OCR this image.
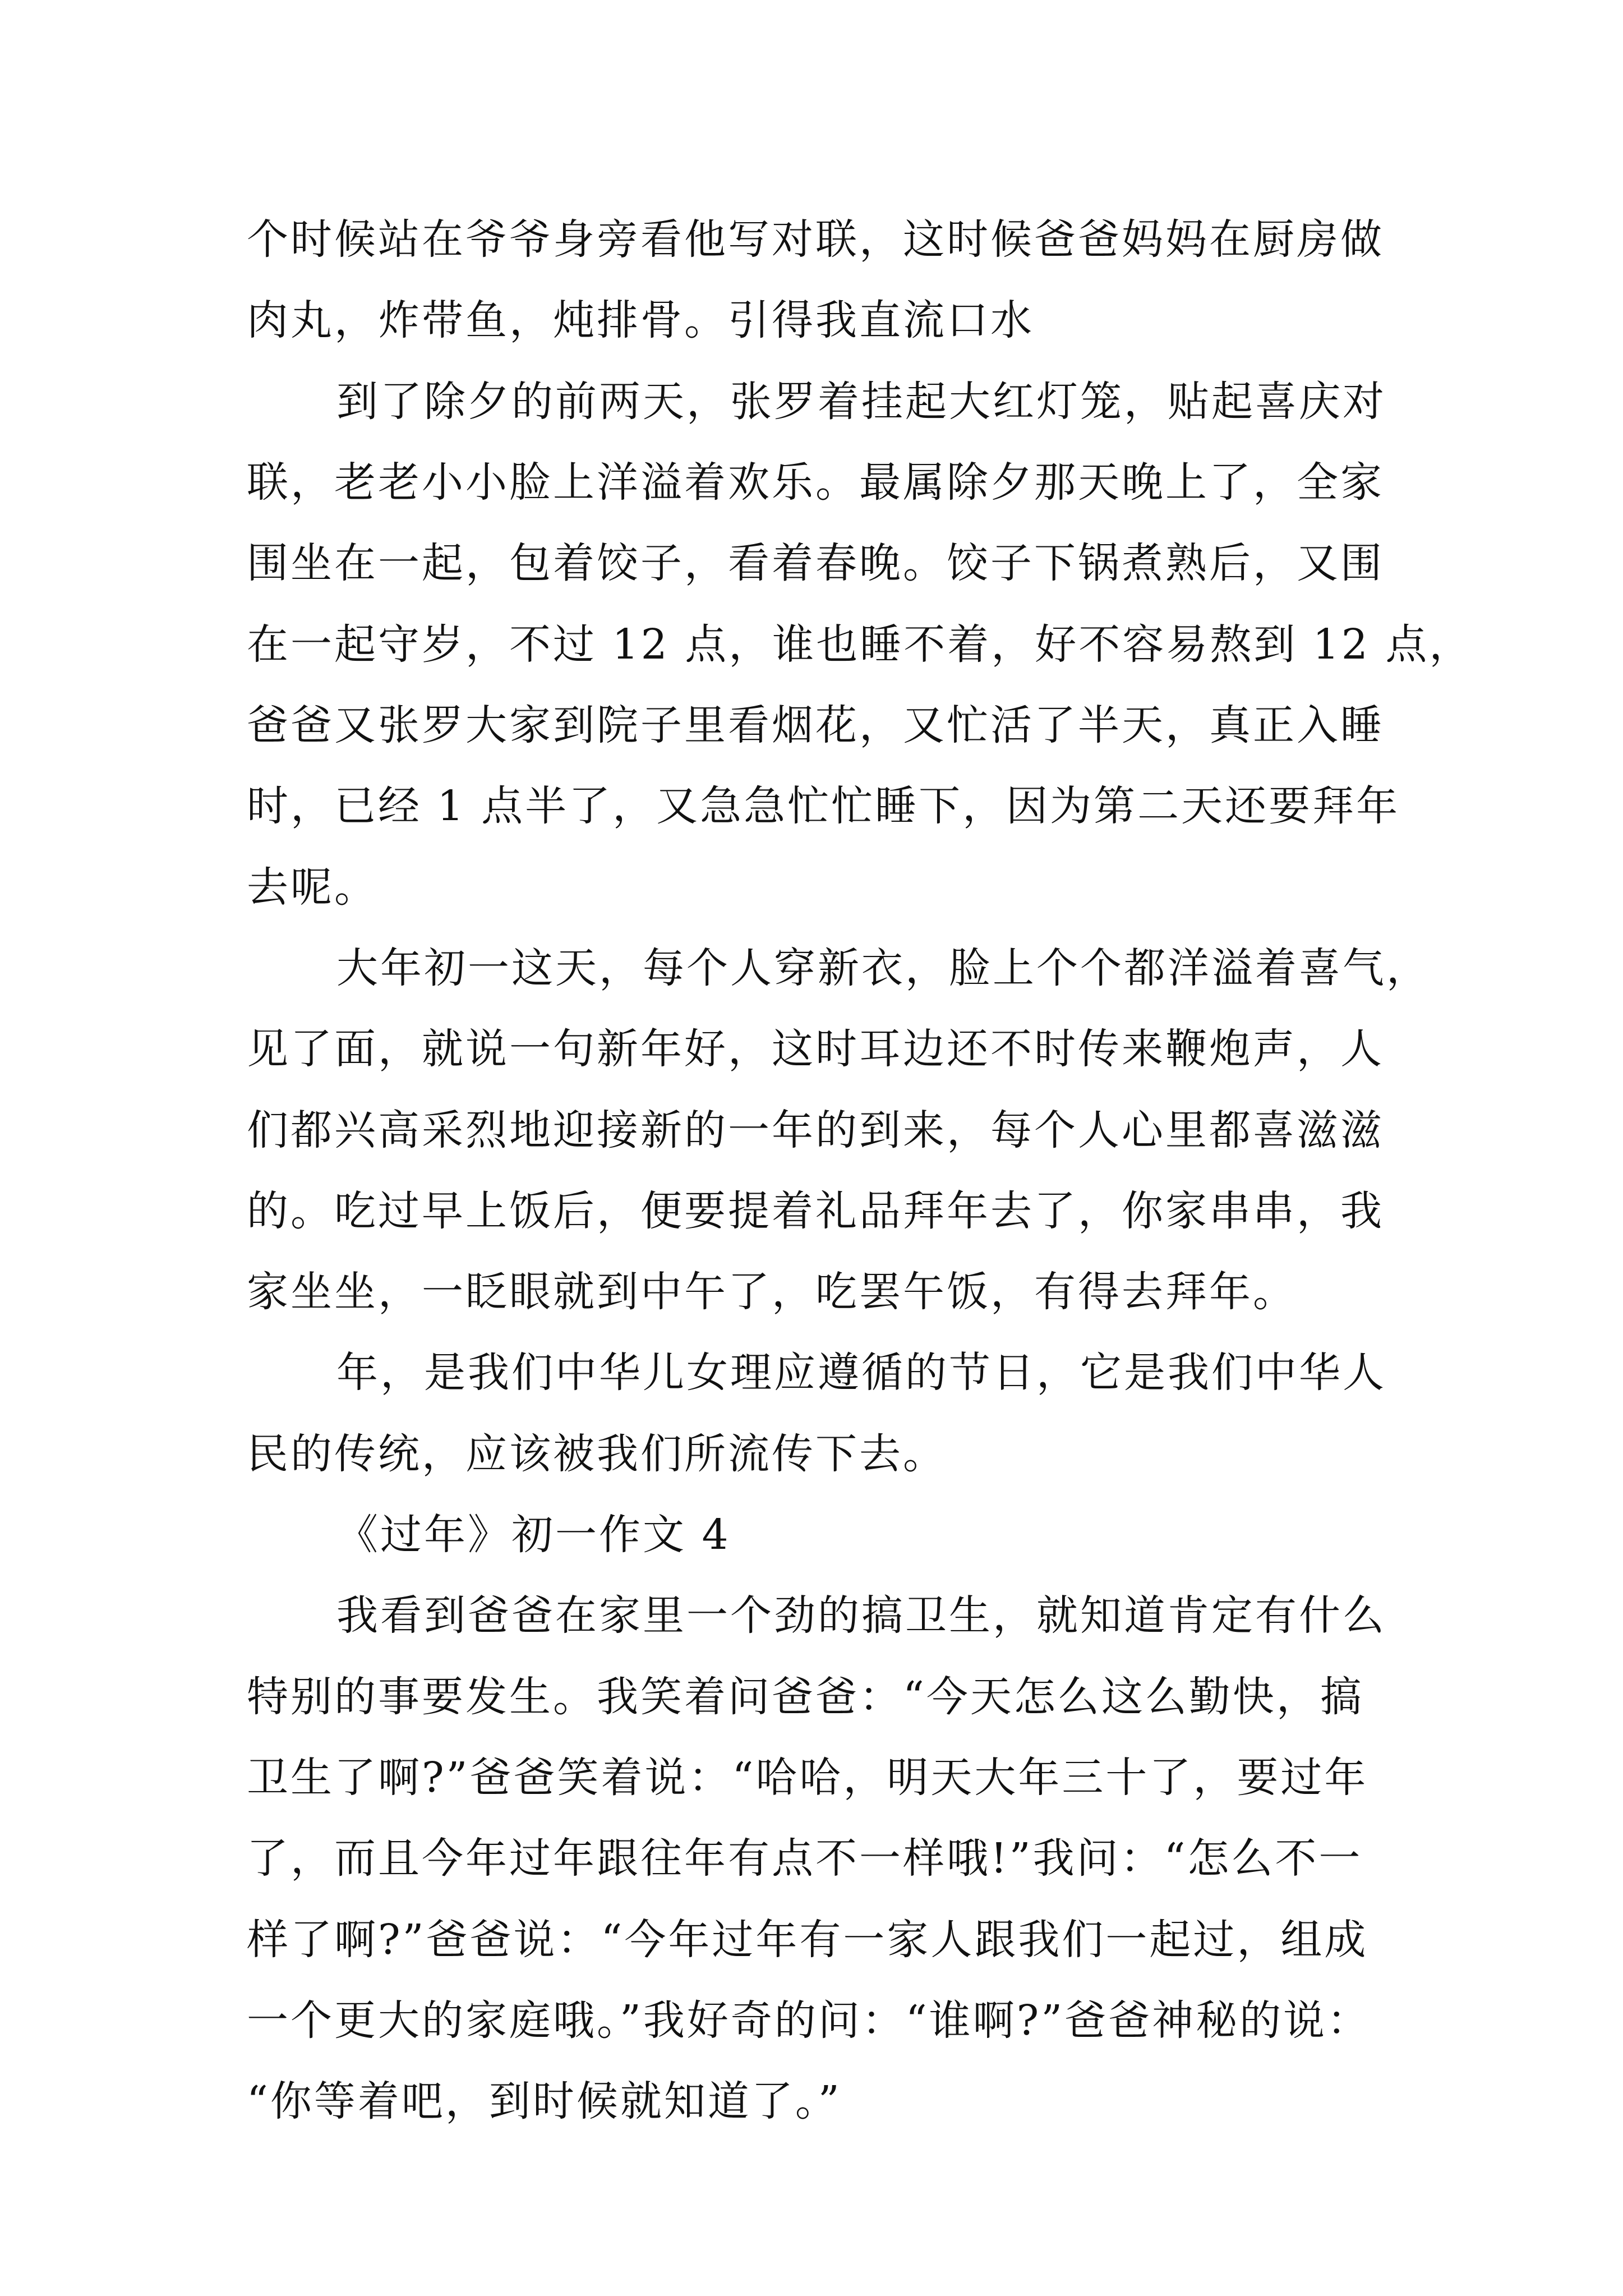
个时候站在爷爷身旁看他写对联，这时候爸爸妈妈在厨房做
肉丸，炸带鱼，炖排骨。引得我直流口水
到了除夕的前两天，张罗着挂起大红灯笼，贴起喜庆对
联，老老小小脸上洋溢着欢乐。最属除夕那天晚上了，全家
围坐在一起，包着饺子，看着春晚。饺子下锅煮熟后，又围
在一起守岁，不过 12 点，谁也睡不着，好不容易熬到 12 点，
爸爸又张罗大家到院子里看烟花，又忙活了半天，真正入睡
时，已经 1 点半了，又急急忙忙睡下，因为第二天还要拜年
去呢。
大年初一这天，每个人穿新衣，脸上个个都洋溢着喜气，
见了面，就说一句新年好，这时耳边还不时传来鞭炮声，人
们都兴高采烈地迎接新的一年的到来，每个人心里都喜滋滋
的。吃过早上饭后，便要提着礼品拜年去了，你家串串，我
家坐坐，一眨眼就到中午了，吃罢午饭，有得去拜年。
年，是我们中华儿女理应遵循的节日，它是我们中华人
民的传统，应该被我们所流传下去。
《过年》初一作文 4
我看到爸爸在家里一个劲的搞卫生，就知道肯定有什么
特别的事要发生。我笑着问爸爸：“今天怎么这么勤快，搞
卫生了啊?”爸爸笑着说：“哈哈，明天大年三十了，要过年
了，而且今年过年跟往年有点不一样哦!”我问：“怎么不一
样了啊?”爸爸说：“今年过年有一家人跟我们一起过，组成
一个更大的家庭哦。”我好奇的问：“谁啊?”爸爸神秘的说：
“你等着吧，到时候就知道了。”
